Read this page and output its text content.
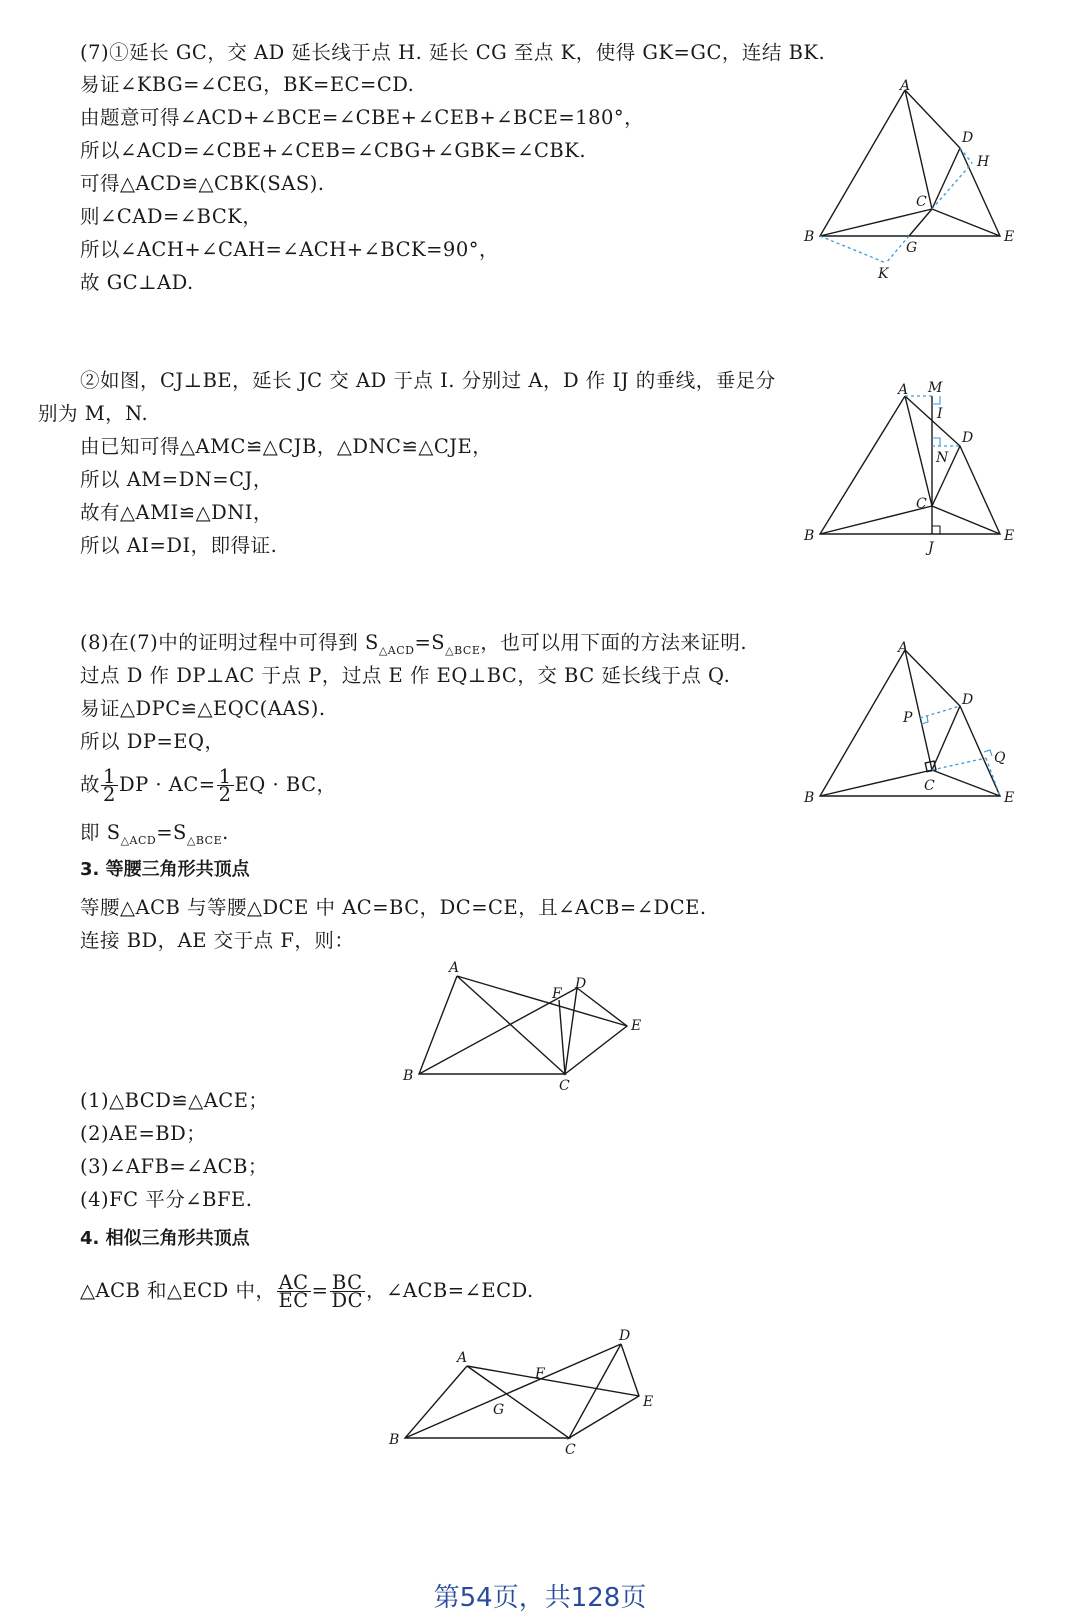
(7)①延长 GC，交 AD 延长线于点 H. 延长 CG 至点 K，使得 GK=GC，连结 BK.
易证∠KBG=∠CEG，BK=EC=CD.
由题意可得∠ACD+∠BCE=∠CBE+∠CEB+∠BCE=180°，
所以∠ACD=∠CBE+∠CEB=∠CBG+∠GBK=∠CBK.
可得△ACD≌△CBK(SAS).
则∠CAD=∠BCK，
所以∠ACH+∠CAH=∠ACH+∠BCK=90°，
故 GC⊥AD.
A
D
H
C
B
G
E
K
②如图，CJ⊥BE，延长 JC 交 AD 于点 I. 分别过 A，D 作 IJ 的垂线，垂足分
别为 M，N.
由已知可得△AMC≌△CJB，△DNC≌△CJE，
所以 AM=DN=CJ，
故有△AMI≌△DNI，
所以 AI=DI，即得证.
A M
I
D
N
C
B
J
E
(8)在(7)中的证明过程中可得到 $S_{\triangle ACD}=S_{\triangle BCE}$，也可以用下面的方法来证明.
过点 D 作 DP⊥AC 于点 P，过点 E 作 EQ⊥BC，交 BC 延长线于点 Q.
易证△DPC≌△EQC(AAS).
所以 DP=EQ，
故 $\frac{1}{2}$ DP · $AC= \frac{1}{2}$ EQ · BC，
即 $S_{\triangle ACD}=S_{\triangle BCE}$.
A
D
P
Q
C
B	E
3. 等腰三角形共顶点
等腰△ACB 与等腰△DCE 中 AC=BC，DC=CE，且∠ACB=∠DCE.
连接 BD，AE 交于点 F，则：
A
F
D
E
B
C
(1)△BCD≌△ACE；
(2)AE=BD；
(3)∠AFB=∠ACB；
(4)FC 平分∠BFE.
4. 相似三角形共顶点
△ACB 和△ECD 中， $\frac{AC}{EC} = \frac{BC}{DC}$ ，∠ACB=∠ECD.
D
A
F
E
G
B
C
第54页，共128页
